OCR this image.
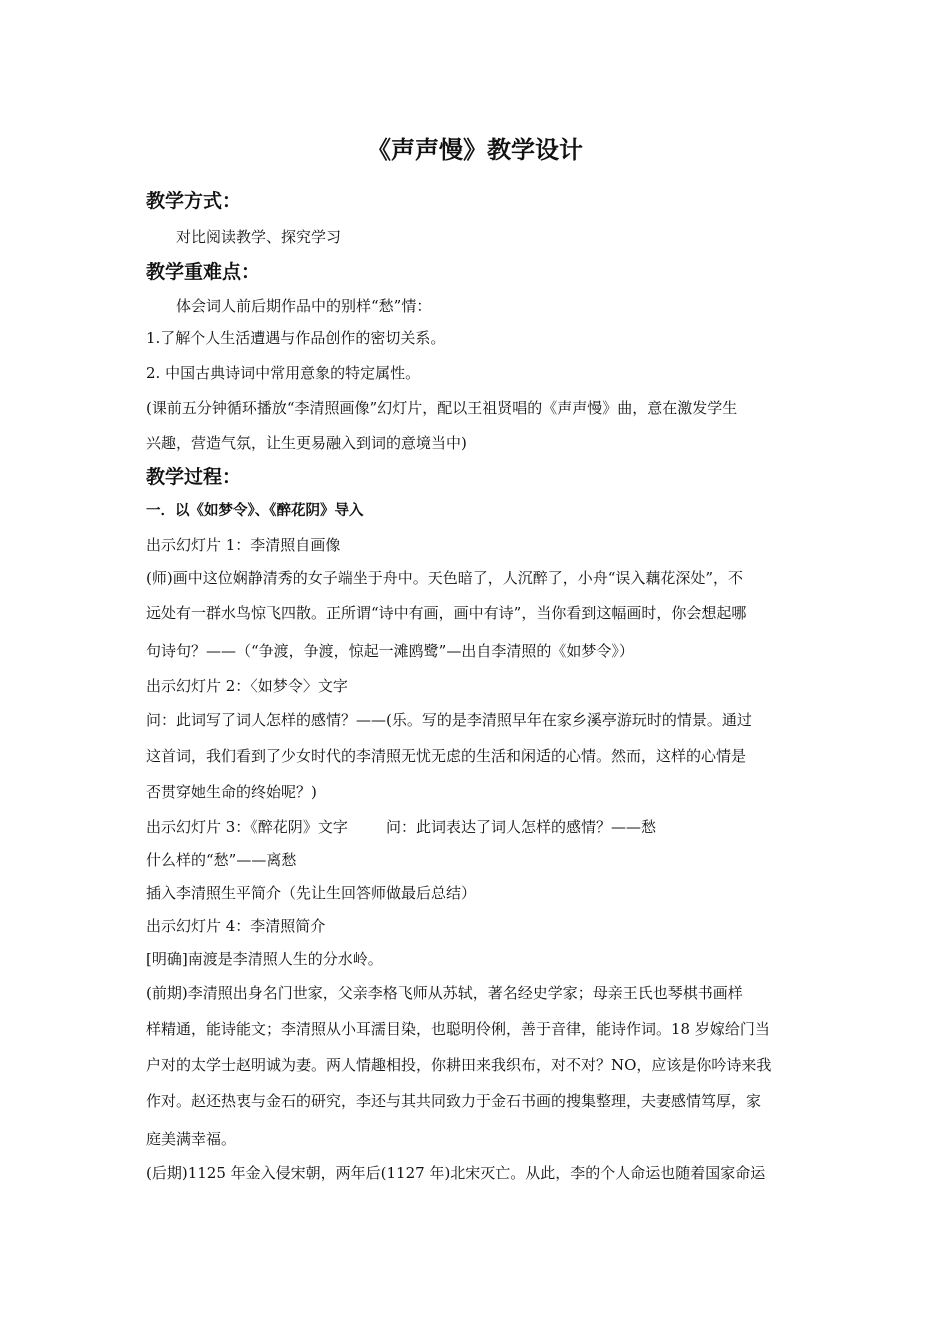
《声声慢》教学设计
教学方式：
对比阅读教学、探究学习
教学重难点：
体会词人前后期作品中的别样“愁”情：
1.了解个人生活遭遇与作品创作的密切关系。
2. 中国古典诗词中常用意象的特定属性。
(课前五分钟循环播放“李清照画像”幻灯片，配以王祖贤唱的《声声慢》曲，意在激发学生
兴趣，营造气氛，让生更易融入到词的意境当中)
教学过程：
一．以《如梦令》、《醉花阴》导入
出示幻灯片 1：李清照自画像
(师)画中这位娴静清秀的女子端坐于舟中。天色暗了，人沉醉了，小舟“误入藕花深处”，不
远处有一群水鸟惊飞四散。正所谓“诗中有画，画中有诗”，当你看到这幅画时，你会想起哪
句诗句？——（“争渡，争渡，惊起一滩鸥鹭”—出自李清照的《如梦令》）
出示幻灯片 2：〈如梦令〉文字
问：此词写了词人怎样的感情？——(乐。写的是李清照早年在家乡溪亭游玩时的情景。通过
这首词，我们看到了少女时代的李清照无忧无虑的生活和闲适的心情。然而，这样的心情是
否贯穿她生命的终始呢？)
出示幻灯片 3：《醉花阴》文字        问：此词表达了词人怎样的感情？——愁
什么样的“愁”——离愁
插入李清照生平简介（先让生回答师做最后总结）
出示幻灯片 4：李清照简介
[明确]南渡是李清照人生的分水岭。
(前期)李清照出身名门世家，父亲李格飞师从苏轼，著名经史学家；母亲王氏也琴棋书画样
样精通，能诗能文；李清照从小耳濡目染，也聪明伶俐，善于音律，能诗作词。18 岁嫁给门当
户对的太学士赵明诚为妻。两人情趣相投，你耕田来我织布，对不对？NO，应该是你吟诗来我
作对。赵还热衷与金石的研究，李还与其共同致力于金石书画的搜集整理，夫妻感情笃厚，家
庭美满幸福。
(后期)1125 年金入侵宋朝，两年后(1127 年)北宋灭亡。从此，李的个人命运也随着国家命运
